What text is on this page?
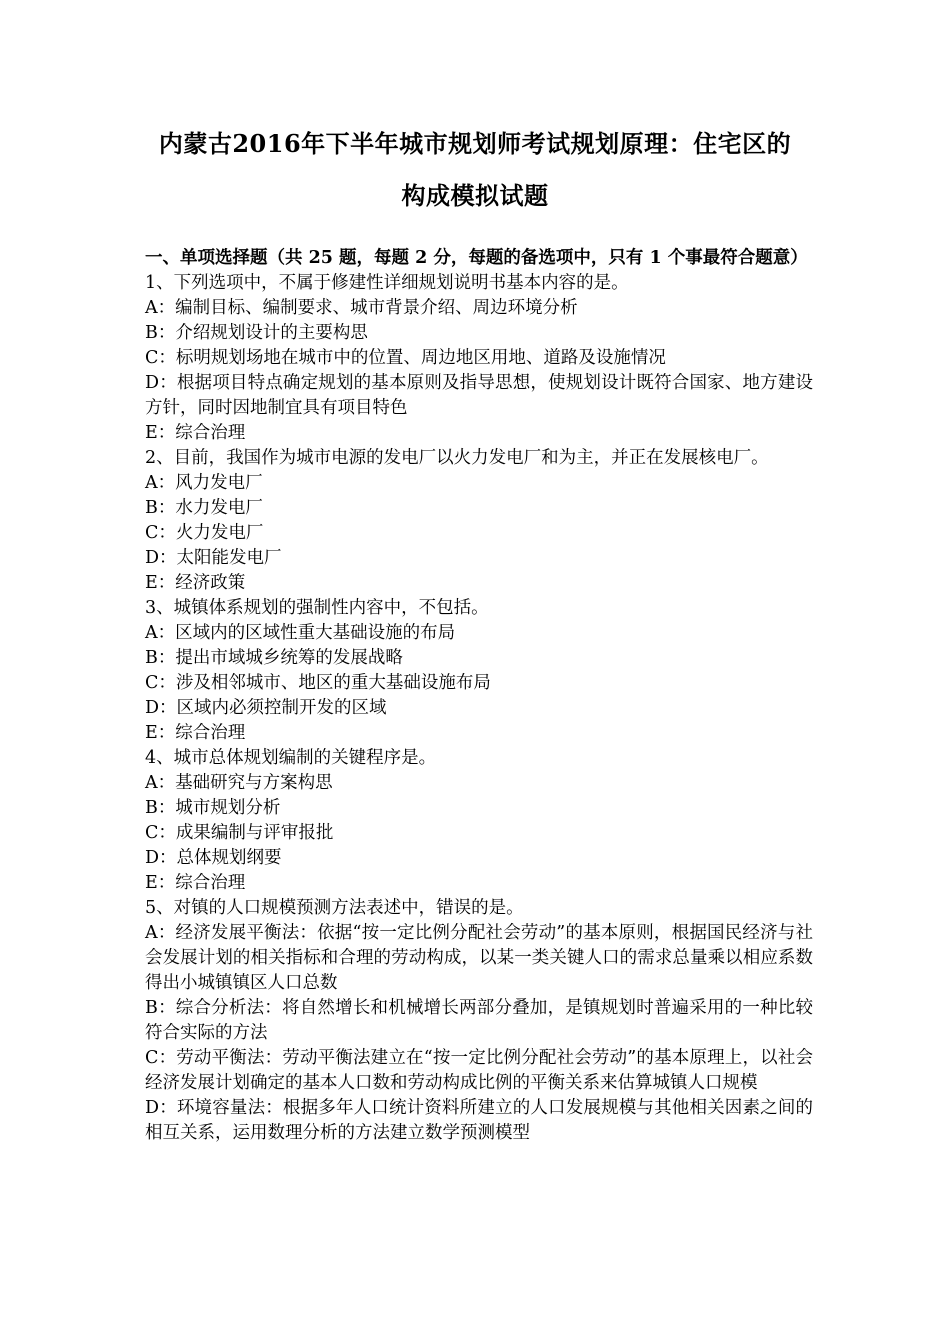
内蒙古2016年下半年城市规划师考试规划原理：住宅区的
构成模拟试题

一、单项选择题（共 25 题，每题 2 分，每题的备选项中，只有 1 个事最符合题意）

1、下列选项中，不属于修建性详细规划说明书基本内容的是。

A：编制目标、编制要求、城市背景介绍、周边环境分析

B：介绍规划设计的主要构思

C：标明规划场地在城市中的位置、周边地区用地、道路及设施情况

D：根据项目特点确定规划的基本原则及指导思想，使规划设计既符合国家、地方建设方针，同时因地制宜具有项目特色

E：综合治理

2、目前，我国作为城市电源的发电厂以火力发电厂和为主，并正在发展核电厂。

A：风力发电厂

B：水力发电厂

C：火力发电厂

D：太阳能发电厂

E：经济政策

3、城镇体系规划的强制性内容中，不包括。

A：区域内的区域性重大基础设施的布局

B：提出市域城乡统筹的发展战略

C：涉及相邻城市、地区的重大基础设施布局

D：区域内必须控制开发的区域

E：综合治理

4、城市总体规划编制的关键程序是。

A：基础研究与方案构思

B：城市规划分析

C：成果编制与评审报批

D：总体规划纲要

E：综合治理

5、对镇的人口规模预测方法表述中，错误的是。

A：经济发展平衡法：依据“按一定比例分配社会劳动”的基本原则，根据国民经济与社会发展计划的相关指标和合理的劳动构成，以某一类关键人口的需求总量乘以相应系数得出小城镇镇区人口总数

B：综合分析法：将自然增长和机械增长两部分叠加，是镇规划时普遍采用的一种比较符合实际的方法

C：劳动平衡法：劳动平衡法建立在“按一定比例分配社会劳动”的基本原理上，以社会经济发展计划确定的基本人口数和劳动构成比例的平衡关系来估算城镇人口规模

D：环境容量法：根据多年人口统计资料所建立的人口发展规模与其他相关因素之间的相互关系，运用数理分析的方法建立数学预测模型
